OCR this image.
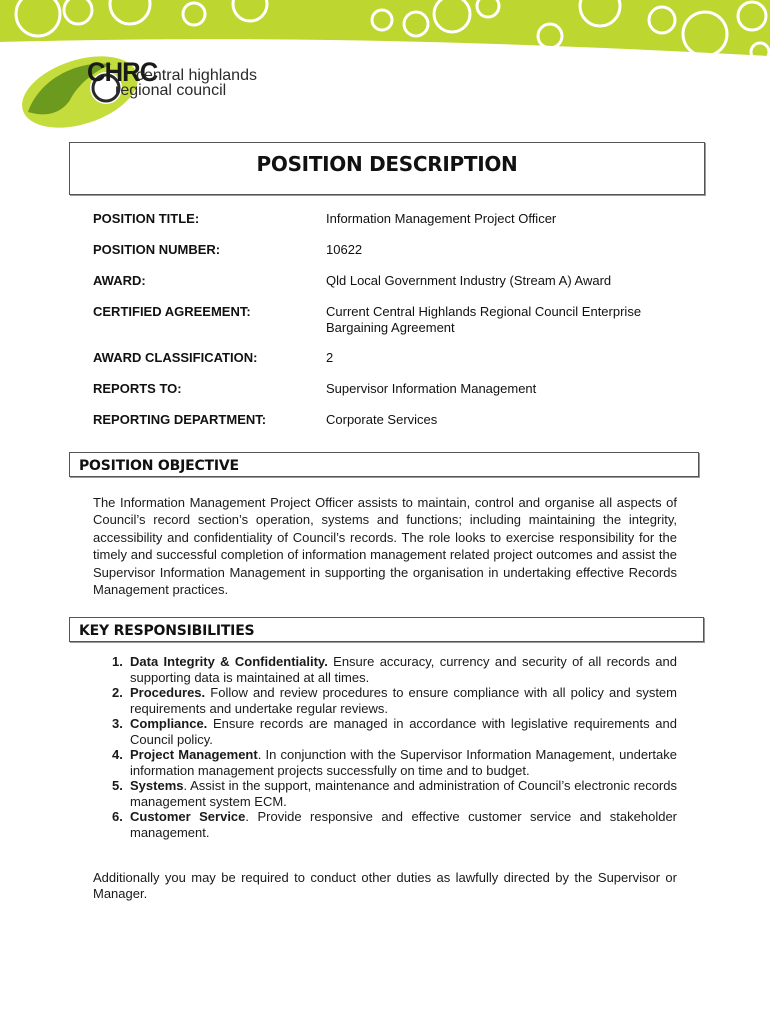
CHRC
central highlands
regional council
POSITION DESCRIPTION
POSITION TITLE:	Information Management Project Officer
POSITION NUMBER:	10622
AWARD:	Qld Local Government Industry (Stream A) Award
CERTIFIED AGREEMENT:	Current Central Highlands Regional Council Enterprise Bargaining Agreement
AWARD CLASSIFICATION:	2
REPORTS TO:	Supervisor Information Management
REPORTING DEPARTMENT:	Corporate Services
POSITION OBJECTIVE
The Information Management Project Officer assists to maintain, control and organise all aspects of Council’s record section’s operation, systems and functions; including maintaining the integrity, accessibility and confidentiality of Council’s records. The role looks to exercise responsibility for the timely and successful completion of information management related project outcomes and assist the Supervisor Information Management in supporting the organisation in undertaking effective Records Management practices.
KEY RESPONSIBILITIES
1. Data Integrity & Confidentiality. Ensure accuracy, currency and security of all records and supporting data is maintained at all times.
2. Procedures. Follow and review procedures to ensure compliance with all policy and system requirements and undertake regular reviews.
3. Compliance. Ensure records are managed in accordance with legislative requirements and Council policy.
4. Project Management. In conjunction with the Supervisor Information Management, undertake information management projects successfully on time and to budget.
5. Systems. Assist in the support, maintenance and administration of Council’s electronic records management system ECM.
6. Customer Service. Provide responsive and effective customer service and stakeholder management.
Additionally you may be required to conduct other duties as lawfully directed by the Supervisor or Manager.
